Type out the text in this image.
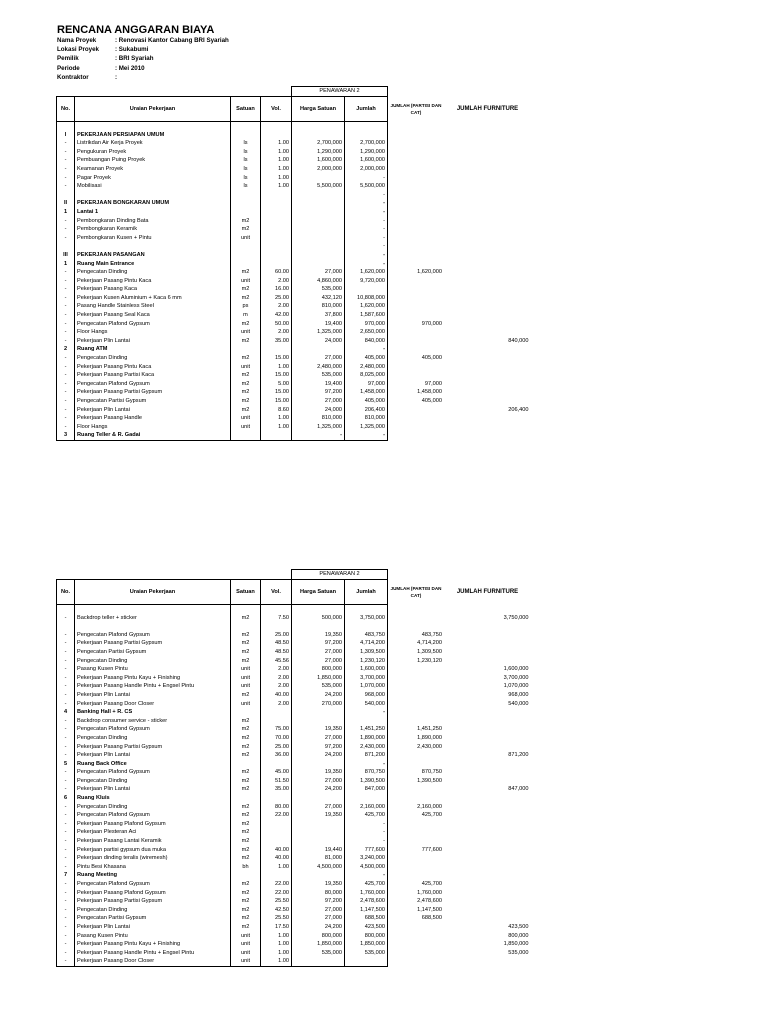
RENCANA ANGGARAN BIAYA
Nama Proyek	: Renovasi Kantor Cabang BRI Syariah
Lokasi Proyek	: Sukabumi
Pemilik	: BRI Syariah
Periode	: Mei 2010
Kontraktor	:
				PENAWARAN 2			
No.	Uraian Pekerjaan	Satuan	Vol.	Harga Satuan	Jumlah	JUMLAH (PARTISI DAN CAT)	JUMLAH FURNITURE

I	PEKERJAAN PERSIAPAN UMUM						
-	Listrikdan Air Kerja Proyek	ls	1.00	2,700,000	2,700,000		
-	Pengukuran Proyek	ls	1.00	1,290,000	1,290,000		
-	Pembuangan Puing Proyek	ls	1.00	1,600,000	1,600,000		
-	Keamanan Proyek	ls	1.00	2,000,000	2,000,000		
-	Pagar Proyek	ls	1.00		-		
-	Mobilisasi	ls	1.00	5,500,000	5,500,000		
					-		
II	PEKERJAAN BONGKARAN UMUM				-		
1	Lantai 1				-		
-	Pembongkaran Dinding Bata	m2			-		
-	Pembongkaran Keramik	m2			-		
-	Pembongkaran Kusen + Pintu	unit			-		
					-		
III	PEKERJAAN PASANGAN				-		
1	Ruang Main Entrance				-		
-	Pengecatan Dinding	m2	60.00	27,000	1,620,000	1,620,000	
-	Pekerjaan Pasang Pintu Kaca	unit	2.00	4,860,000	9,720,000		
-	Pekerjaan Pasang Kaca	m2	16.00	535,000			
-	Pekerjaan Kusen Aluminium + Kaca 6 mm	m2	25.00	432,120	10,808,000		
-	Pasang Handle Stainless Steel	ps	2.00	810,000	1,620,000		
-	Pekerjaan Pasang Seal Kaca	m	42.00	37,800	1,587,600		
-	Pengecatan Plafond Gypsum	m2	50.00	19,400	970,000	970,000	
-	Floor Hangs	unit	2.00	1,325,000	2,650,000		
-	Pekerjaan Plin Lantai	m2	35.00	24,000	840,000		840,000
2	Ruang ATM				-		
-	Pengecatan Dinding	m2	15.00	27,000	405,000	405,000	
-	Pekerjaan Pasang Pintu Kaca	unit	1.00	2,480,000	2,480,000		
-	Pekerjaan Pasang Partisi Kaca	m2	15.00	535,000	8,025,000		
-	Pengecatan Plafond Gypsum	m2	5.00	19,400	97,000	97,000	
-	Pekerjaan Pasang Partisi Gypsum	m2	15.00	97,200	1,458,000	1,458,000	
-	Pengecatan Partisi Gypsum	m2	15.00	27,000	405,000	405,000	
-	Pekerjaan Plin Lantai	m2	8.60	24,000	206,400		206,400
-	Pekerjaan Pasang Handle	unit	1.00	810,000	810,000		
-	Floor Hangs	unit	1.00	1,325,000	1,325,000		
3	Ruang Teller & R. Gadai			-	-		
				PENAWARAN 2			
No.	Uraian Pekerjaan	Satuan	Vol.	Harga Satuan	Jumlah	JUMLAH (PARTISI DAN CAT)	JUMLAH FURNITURE

-	Backdrop teller + sticker	m2	7.50	500,000	3,750,000		3,750,000

-	Pengecatan Plafond Gypsum	m2	25.00	19,350	483,750	483,750	
-	Pekerjaan Pasang Partisi Gypsum	m2	48.50	97,200	4,714,200	4,714,200	
-	Pengecatan Partisi Gypsum	m2	48.50	27,000	1,309,500	1,309,500	
-	Pengecatan Dinding	m2	45.56	27,000	1,230,120	1,230,120	
-	Pasang Kusen Pintu	unit	2.00	800,000	1,600,000		1,600,000
-	Pekerjaan Pasang Pintu Kayu + Finishing	unit	2.00	1,850,000	3,700,000		3,700,000
-	Pekerjaan Pasang Handle Pintu + Engsel Pintu	unit	2.00	535,000	1,070,000		1,070,000
-	Pekerjaan Plin Lantai	m2	40.00	24,200	968,000		968,000
-	Pekerjaan Pasang Door Closer	unit	2.00	270,000	540,000		540,000
4	Banking Hall + R. CS				-		
-	Backdrop consumer service - sticker	m2					
-	Pengecatan Plafond Gypsum	m2	75.00	19,350	1,451,250	1,451,250	
-	Pengecatan Dinding	m2	70.00	27,000	1,890,000	1,890,000	
-	Pekerjaan Pasang Partisi Gypsum	m2	25.00	97,200	2,430,000	2,430,000	
-	Pekerjaan Plin Lantai	m2	36.00	24,200	871,200		871,200
5	Ruang Back Office				-		
-	Pengecatan Plafond Gypsum	m2	45.00	19,350	870,750	870,750	
-	Pengecatan Dinding	m2	51.50	27,000	1,390,500	1,390,500	
-	Pekerjaan Plin Lantai	m2	35.00	24,200	847,000		847,000
6	Ruang Kluis						
-	Pengecatan Dinding	m2	80.00	27,000	2,160,000	2,160,000	
-	Pengecatan Plafond Gypsum	m2	22.00	19,350	425,700	425,700	
-	Pekerjaan Pasang Plafond Gypsum	m2			-		
-	Pekerjaan Plesteran Aci	m2			-		
-	Pekerjaan Pasang Lantai Keramik	m2			-		
-	Pekerjaan partisi gypsum dua muka	m2	40.00	19,440	777,600	777,600	
-	Pekerjaan dinding teralis (wiremesh)	m2	40.00	81,000	3,240,000		
-	Pintu Besi Khasana	bh	1.00	4,500,000	4,500,000		
7	Ruang Meeting				-		
-	Pengecatan Plafond Gypsum	m2	22.00	19,350	425,700	425,700	
-	Pekerjaan Pasang Plafond Gypsum	m2	22.00	80,000	1,760,000	1,760,000	
-	Pekerjaan Pasang Partisi Gypsum	m2	25.50	97,200	2,478,600	2,478,600	
-	Pengecatan Dinding	m2	42.50	27,000	1,147,500	1,147,500	
-	Pengecatan Partisi Gypsum	m2	25.50	27,000	688,500	688,500	
-	Pekerjaan Plin Lantai	m2	17.50	24,200	423,500		423,500
-	Pasang Kusen Pintu	unit	1.00	800,000	800,000		800,000
-	Pekerjaan Pasang Pintu Kayu + Finishing	unit	1.00	1,850,000	1,850,000		1,850,000
-	Pekerjaan Pasang Handle Pintu + Engsel Pintu	unit	1.00	535,000	535,000		535,000
-	Pekerjaan Pasang Door Closer	unit	1.00				
